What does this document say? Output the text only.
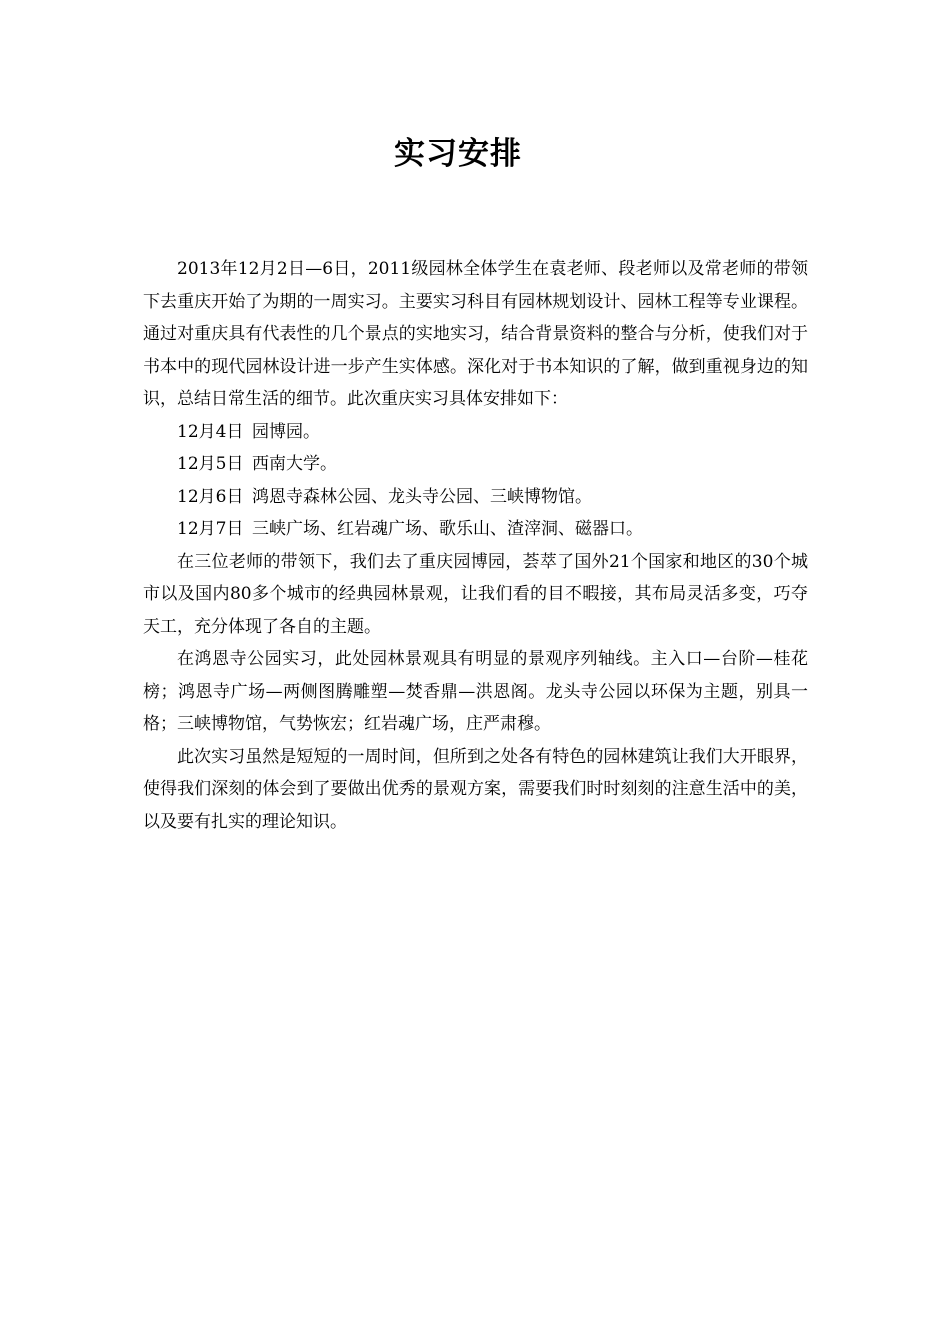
实习安排

2013年12月2日—6日，2011级园林全体学生在袁老师、段老师以及常老师的带领下去重庆开始了为期的一周实习。主要实习科目有园林规划设计、园林工程等专业课程。通过对重庆具有代表性的几个景点的实地实习，结合背景资料的整合与分析，使我们对于书本中的现代园林设计进一步产生实体感。深化对于书本知识的了解，做到重视身边的知识，总结日常生活的细节。此次重庆实习具体安排如下：

12月4日 园博园。

12月5日 西南大学。

12月6日 鸿恩寺森林公园、龙头寺公园、三峡博物馆。

12月7日 三峡广场、红岩魂广场、歌乐山、渣滓洞、磁器口。

在三位老师的带领下，我们去了重庆园博园，荟萃了国外21个国家和地区的30个城市以及国内80多个城市的经典园林景观，让我们看的目不暇接，其布局灵活多变，巧夺天工，充分体现了各自的主题。

在鸿恩寺公园实习，此处园林景观具有明显的景观序列轴线。主入口—台阶—桂花榜；鸿恩寺广场—两侧图腾雕塑—焚香鼎—洪恩阁。龙头寺公园以环保为主题，别具一格；三峡博物馆，气势恢宏；红岩魂广场，庄严肃穆。

此次实习虽然是短短的一周时间，但所到之处各有特色的园林建筑让我们大开眼界，使得我们深刻的体会到了要做出优秀的景观方案，需要我们时时刻刻的注意生活中的美，以及要有扎实的理论知识。
